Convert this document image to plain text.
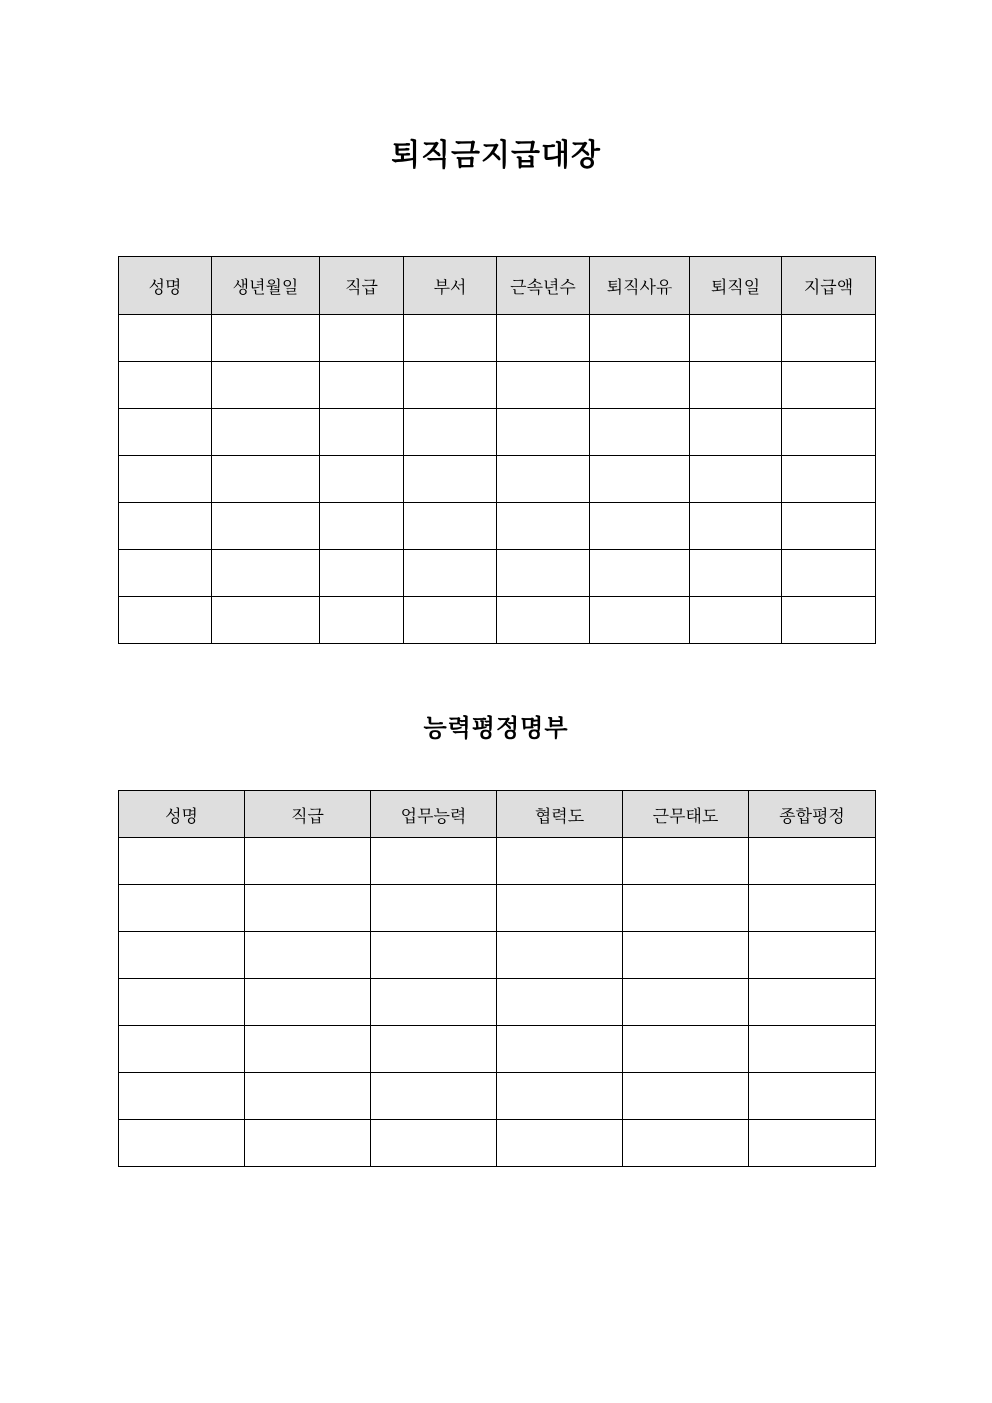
퇴직금지급대장
성명	생년월일	직급	부서	근속년수	퇴직사유	퇴직일	지급액

능력평정명부
성명	직급	업무능력	협력도	근무태도	종합평정
